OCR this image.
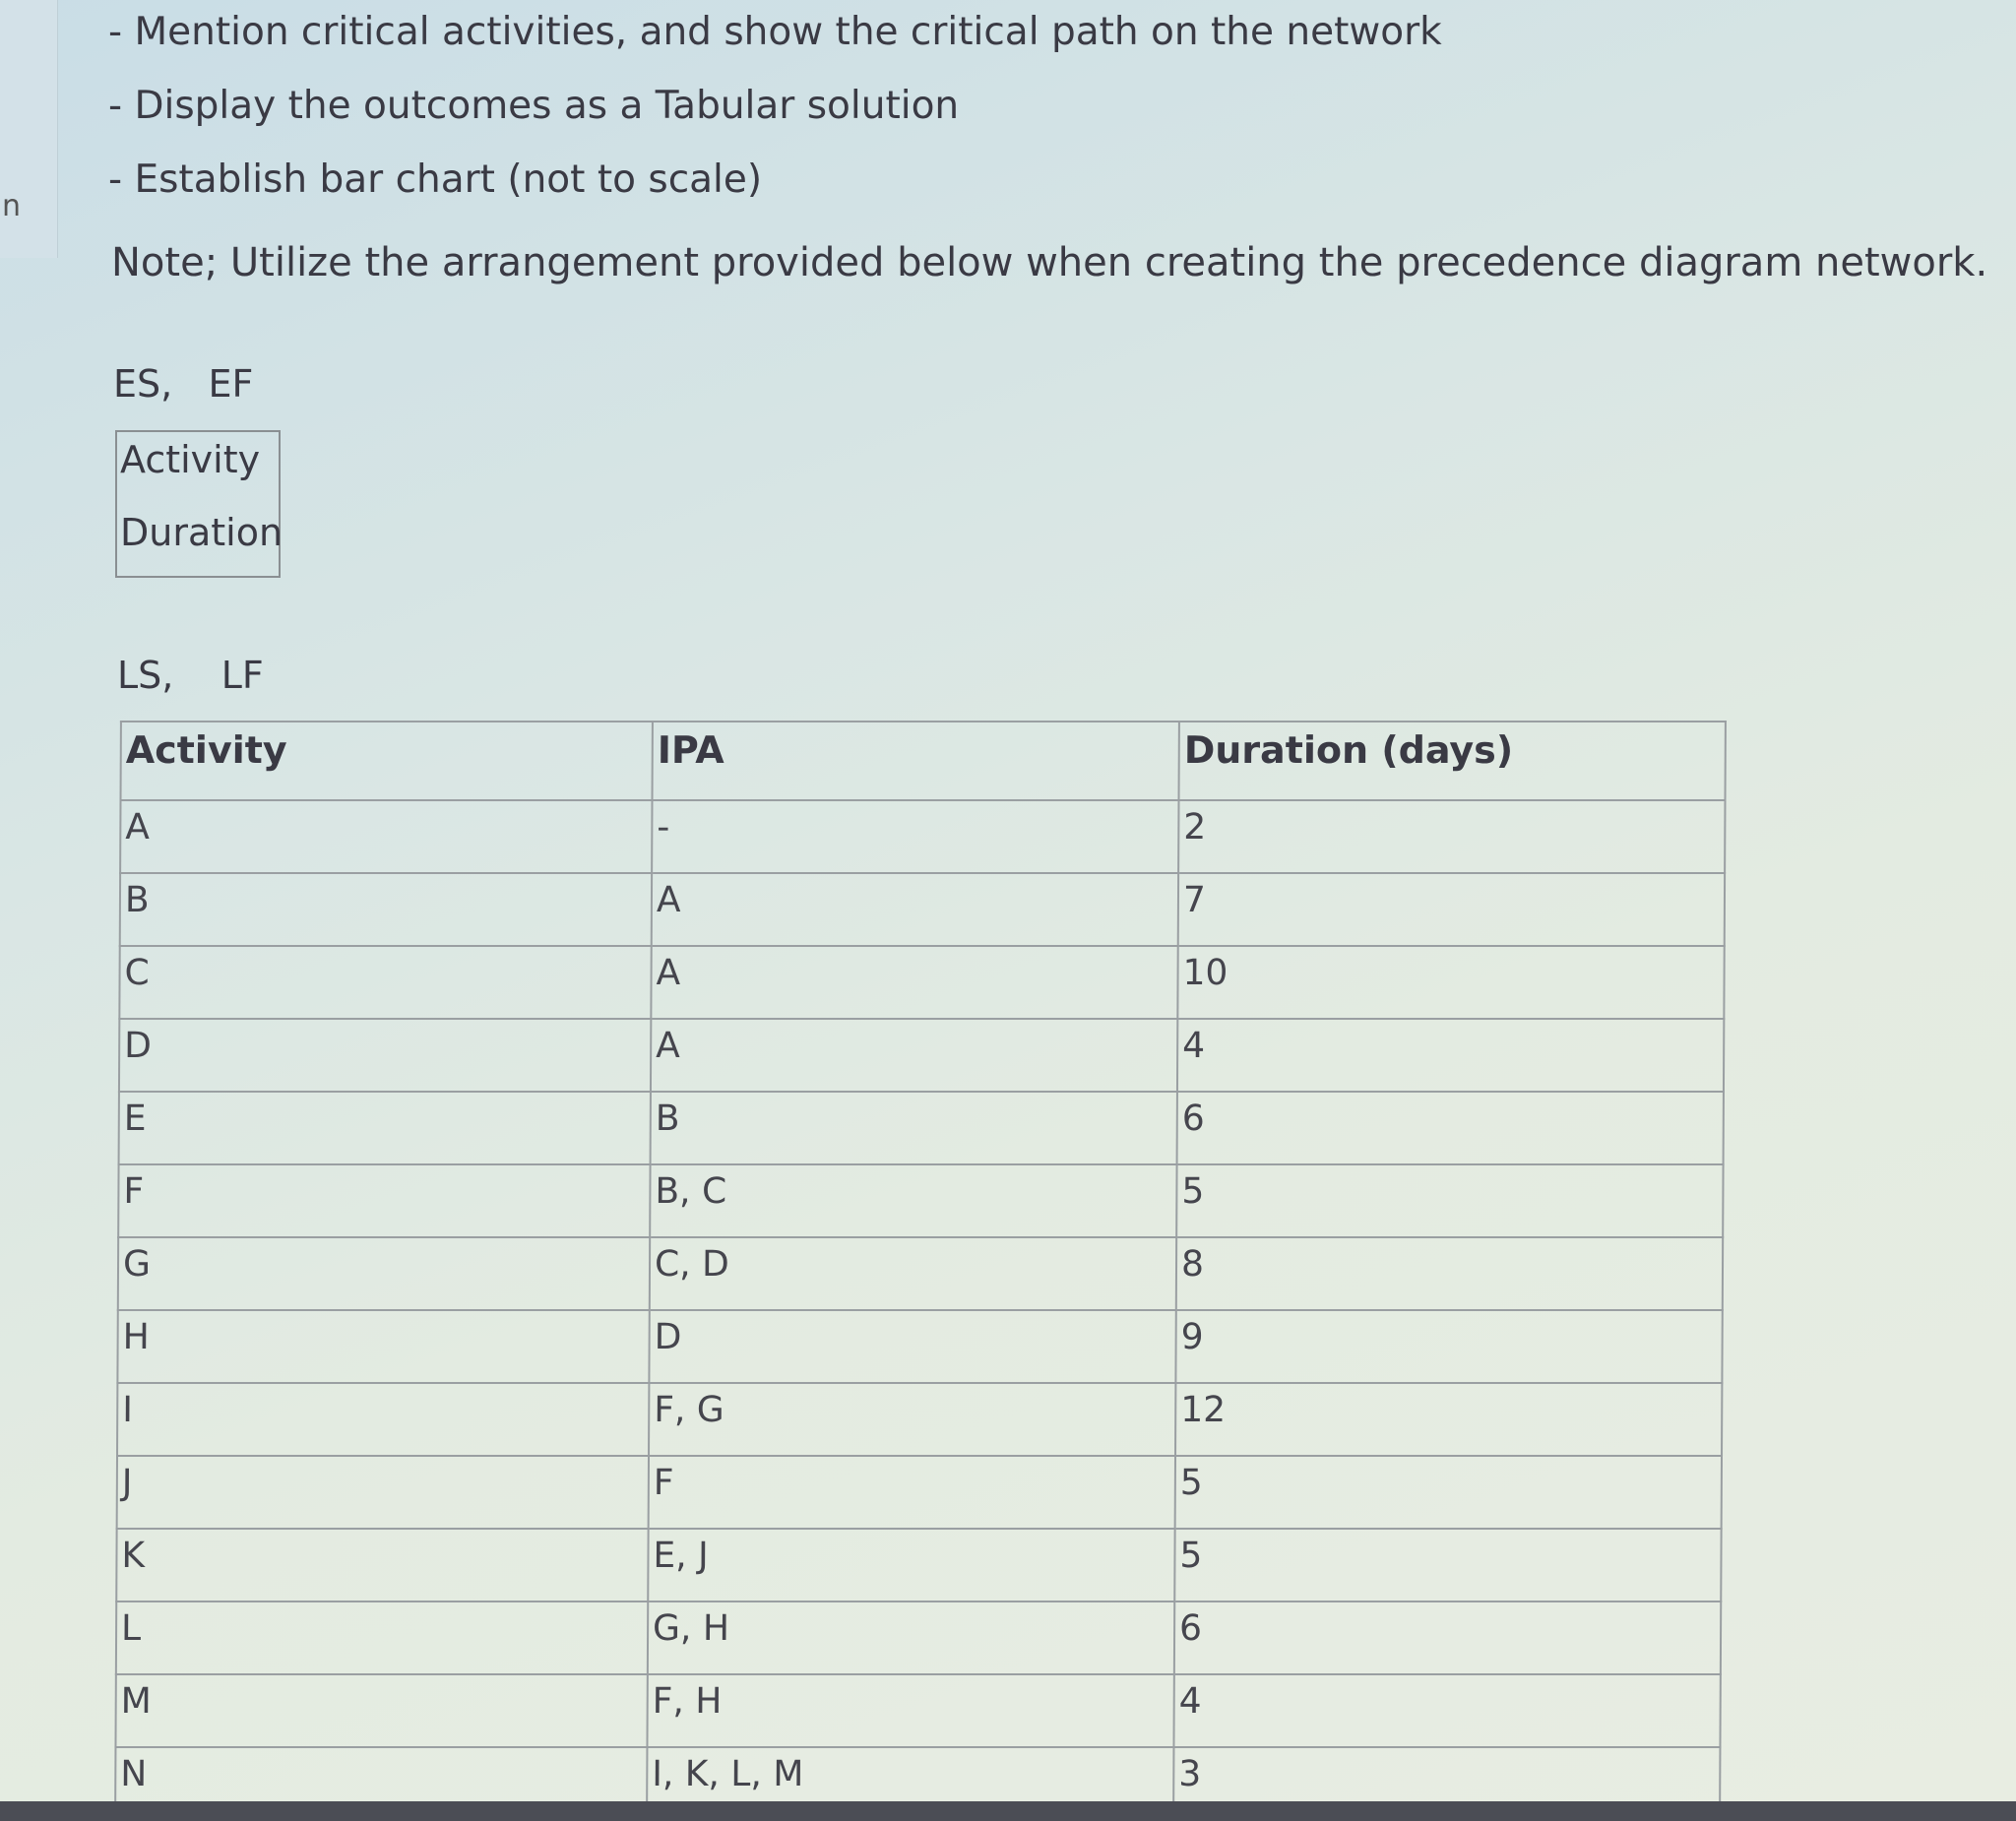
n
- Mention critical activities, and show the critical path on the network
- Display the outcomes as a Tabular solution
- Establish bar chart (not to scale)
Note; Utilize the arrangement provided below when creating the precedence diagram network.
ES,   EF
Activity
Duration
LS,    LF
Activity	IPA	Duration (days)
A	-	2
B	A	7
C	A	10
D	A	4
E	B	6
F	B, C	5
G	C, D	8
H	D	9
I	F, G	12
J	F	5
K	E, J	5
L	G, H	6
M	F, H	4
N	I, K, L, M	3
